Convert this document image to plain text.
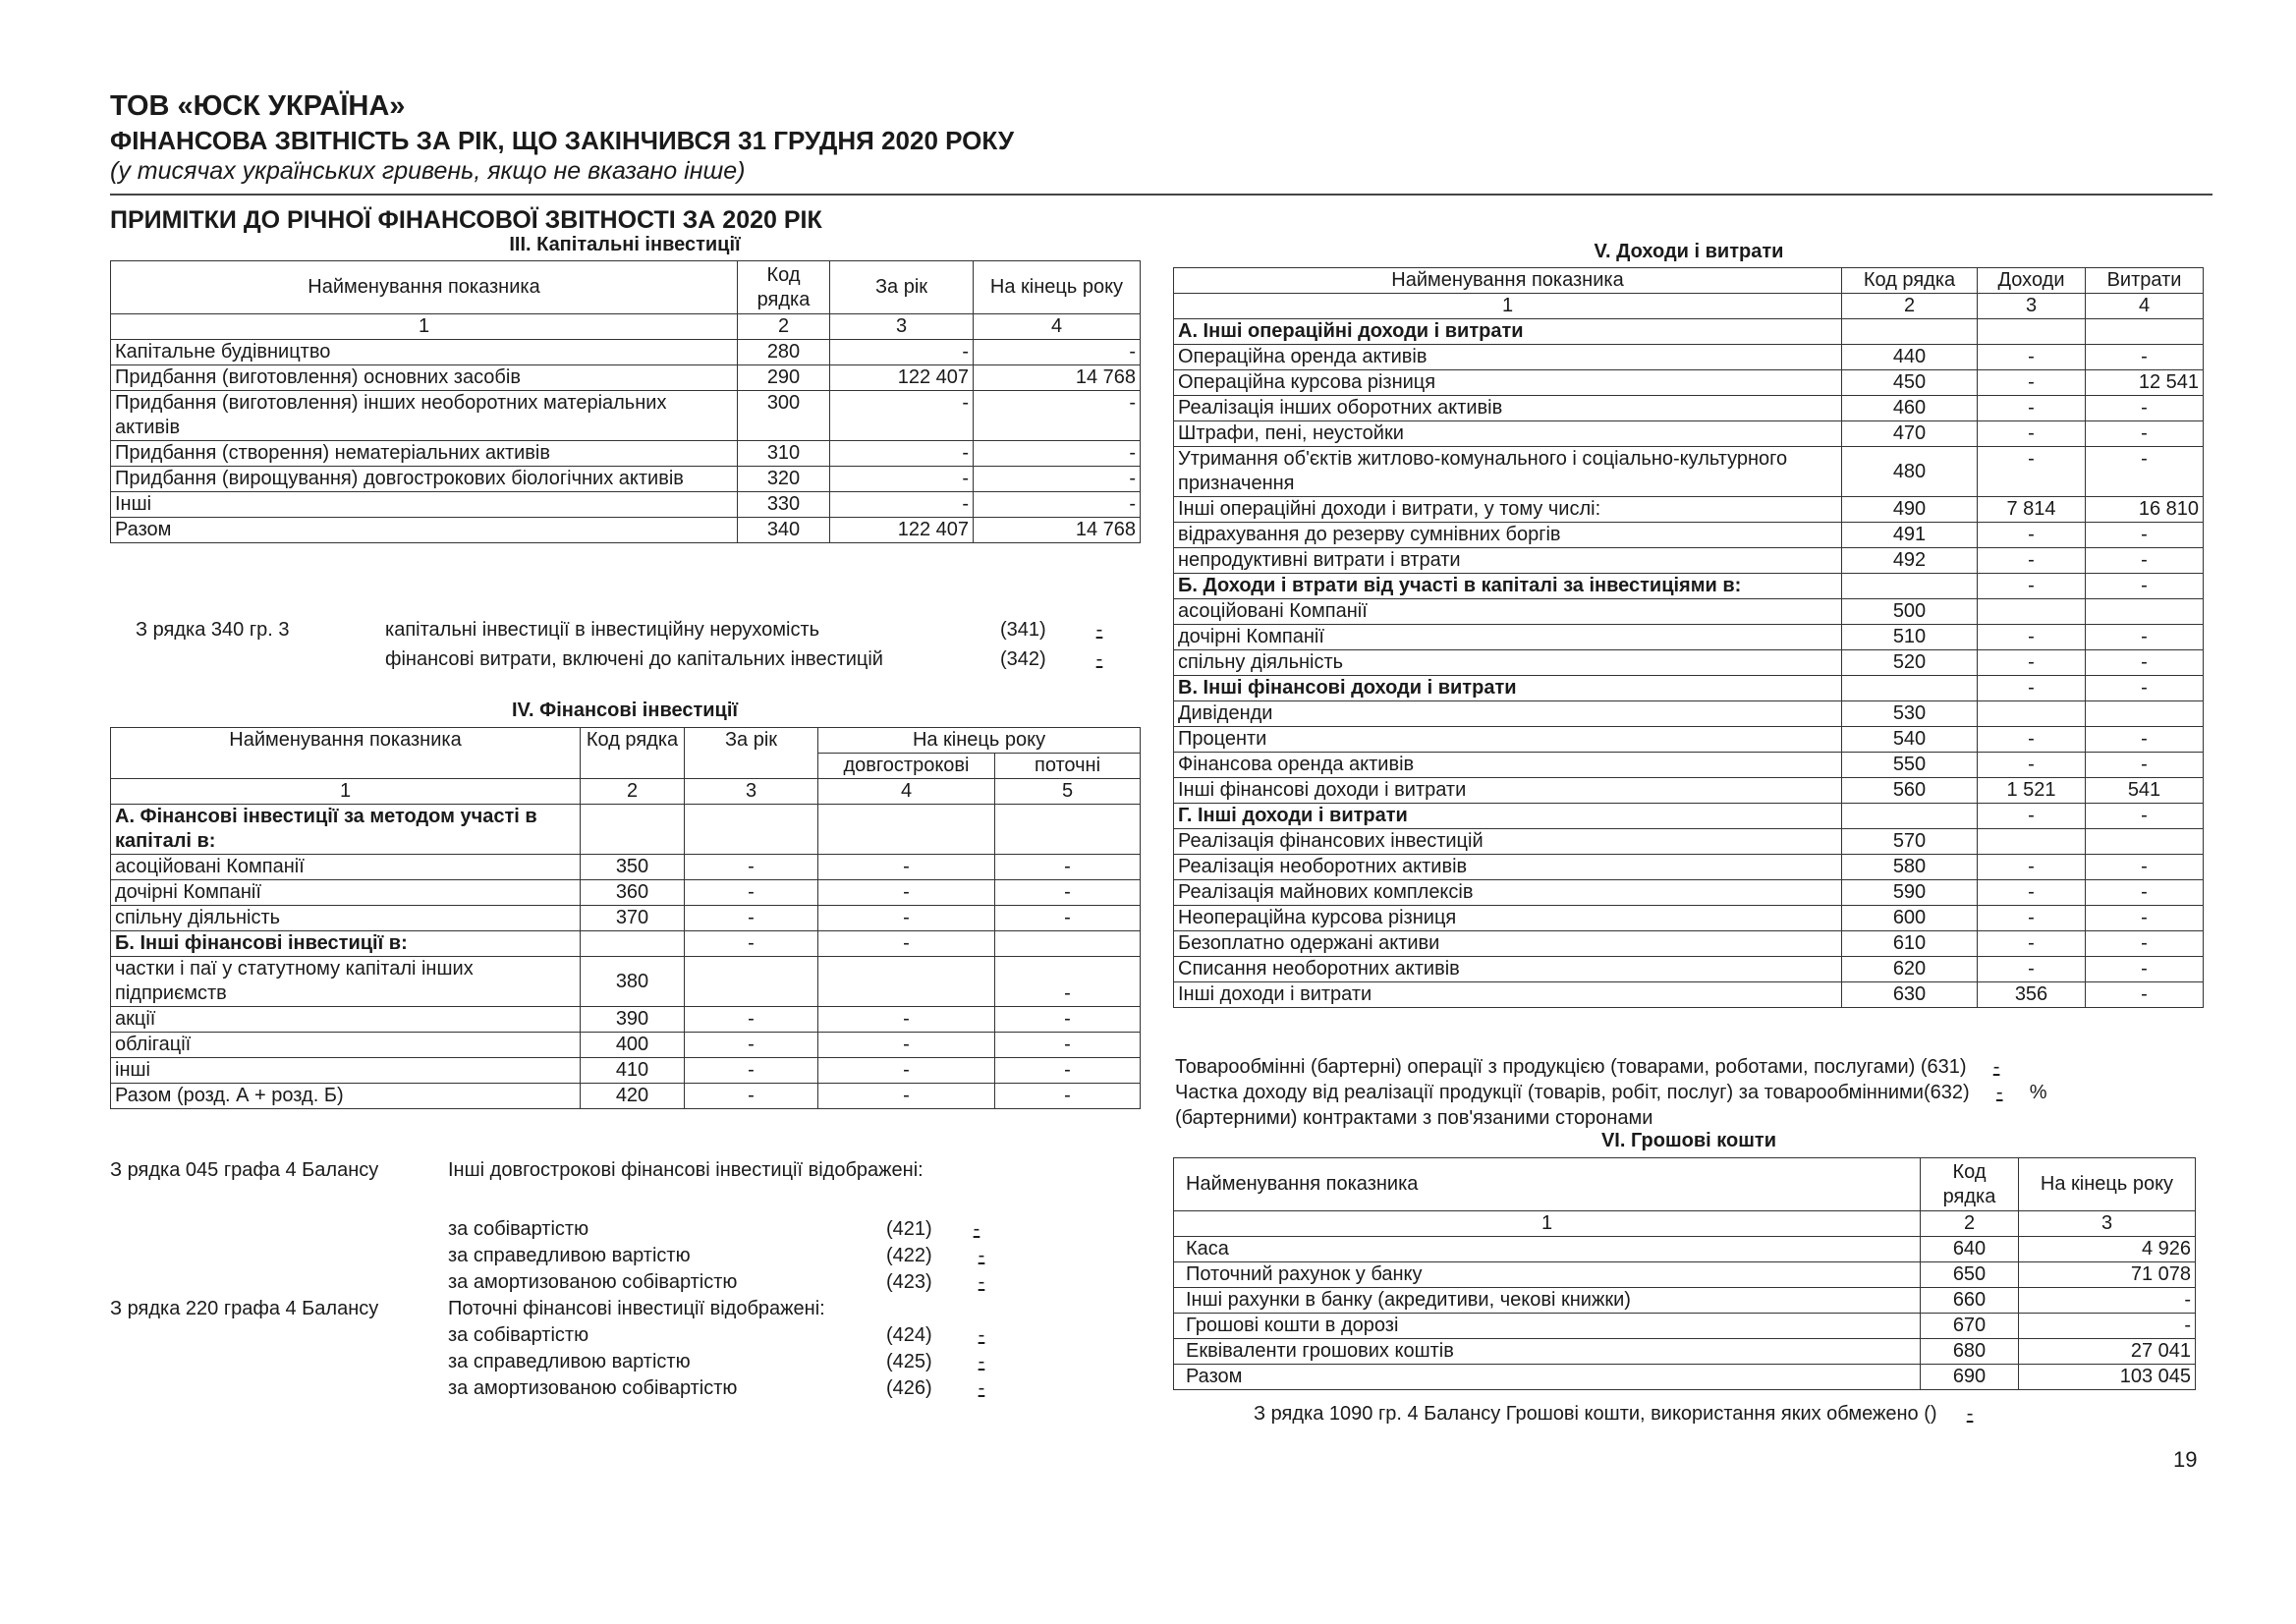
ТОВ «ЮСК УКРАЇНА»
ФІНАНСОВА ЗВІТНІСТЬ ЗА РІК, ЩО ЗАКІНЧИВСЯ 31 ГРУДНЯ 2020 РОКУ
(у тисячах українських гривень, якщо не вказано інше)
ПРИМІТКИ ДО РІЧНОЇ ФІНАНСОВОЇ ЗВІТНОСТІ ЗА 2020 РІК
ІІІ. Капітальні інвестиції
Найменування показника	Код рядка	За рік	На кінець року
1	2	3	4
Капітальне будівництво	280	-	-
Придбання (виготовлення) основних засобів	290	122 407	14 768
Придбання (виготовлення) інших необоротних матеріальних активів	300	-	-
Придбання (створення) нематеріальних активів	310	-	-
Придбання (вирощування) довгострокових біологічних активів	320	-	-
Інші	330	-	-
Разом	340	122 407	14 768
З рядка 340 гр. 3	капітальні інвестиції в інвестиційну нерухомість	(341)	-
фінансові витрати, включені до капітальних інвестицій	(342)	-
IV. Фінансові інвестиції
Найменування показника	Код рядка	За рік	На кінець року	
			довгострокові	поточні
1	2	3	4	5
А. Фінансові інвестиції за методом участі в капіталі в:				
асоційовані Компанії	350	-	-	-
дочірні Компанії	360	-	-	-
спільну діяльність	370	-	-	-
Б. Інші фінансові інвестиції в:		-	-	
частки і паї у статутному капіталі інших підприємств	380			-
акції	390	-	-	-
облігації	400	-	-	-
інші	410	-	-	-
Разом (розд. А + розд. Б)	420	-	-	-
З рядка 045 графа 4 Балансу	Інші довгострокові фінансові інвестиції відображені:
за собівартістю	(421)	-
за справедливою вартістю	(422)	-
за амортизованою собівартістю	(423)	-
З рядка 220 графа 4 Балансу	Поточні фінансові інвестиції відображені:
за собівартістю	(424)	-
за справедливою вартістю	(425)	-
за амортизованою собівартістю	(426)	-
V. Доходи і витрати
Найменування показника	Код рядка	Доходи	Витрати
1	2	3	4
А. Інші операційні доходи і витрати			
Операційна оренда активів	440	-	-
Операційна курсова різниця	450	-	12 541
Реалізація інших оборотних активів	460	-	-
Штрафи, пені, неустойки	470	-	-
Утримання об'єктів житлово-комунального і соціально-культурного призначення	480	-	-
Інші операційні доходи і витрати, у тому числі:	490	7 814	16 810
відрахування до резерву сумнівних боргів	491	-	-
непродуктивні витрати і втрати	492	-	-
Б. Доходи і втрати від участі в капіталі за інвестиціями в:		-	-
асоційовані Компанії	500		
дочірні Компанії	510	-	-
спільну діяльність	520	-	-
В. Інші фінансові доходи і витрати		-	-
Дивіденди	530		
Проценти	540	-	-
Фінансова оренда активів	550	-	-
Інші фінансові доходи і витрати	560	1 521	541
Г. Інші доходи і витрати		-	-
Реалізація фінансових інвестицій	570		
Реалізація необоротних активів	580	-	-
Реалізація майнових комплексів	590	-	-
Неопераційна курсова різниця	600	-	-
Безоплатно одержані активи	610	-	-
Списання необоротних активів	620	-	-
Інші доходи і витрати	630	356	-
Товарообмінні (бартерні) операції з продукцією (товарами, роботами, послугами) (631) -
Частка доходу від реалізації продукції (товарів, робіт, послуг) за товарообмінними(632) - %
(бартерними) контрактами з пов'язаними сторонами
VI. Грошові кошти
Найменування показника	Код рядка	На кінець року
1	2	3
Каса	640	4 926
Поточний рахунок у банку	650	71 078
Інші рахунки в банку (акредитиви, чекові книжки)	660	-
Грошові кошти в дорозі	670	-
Еквіваленти грошових коштів	680	27 041
Разом	690	103 045
З рядка 1090 гр. 4 Балансу Грошові кошти, використання яких обмежено () -
19
